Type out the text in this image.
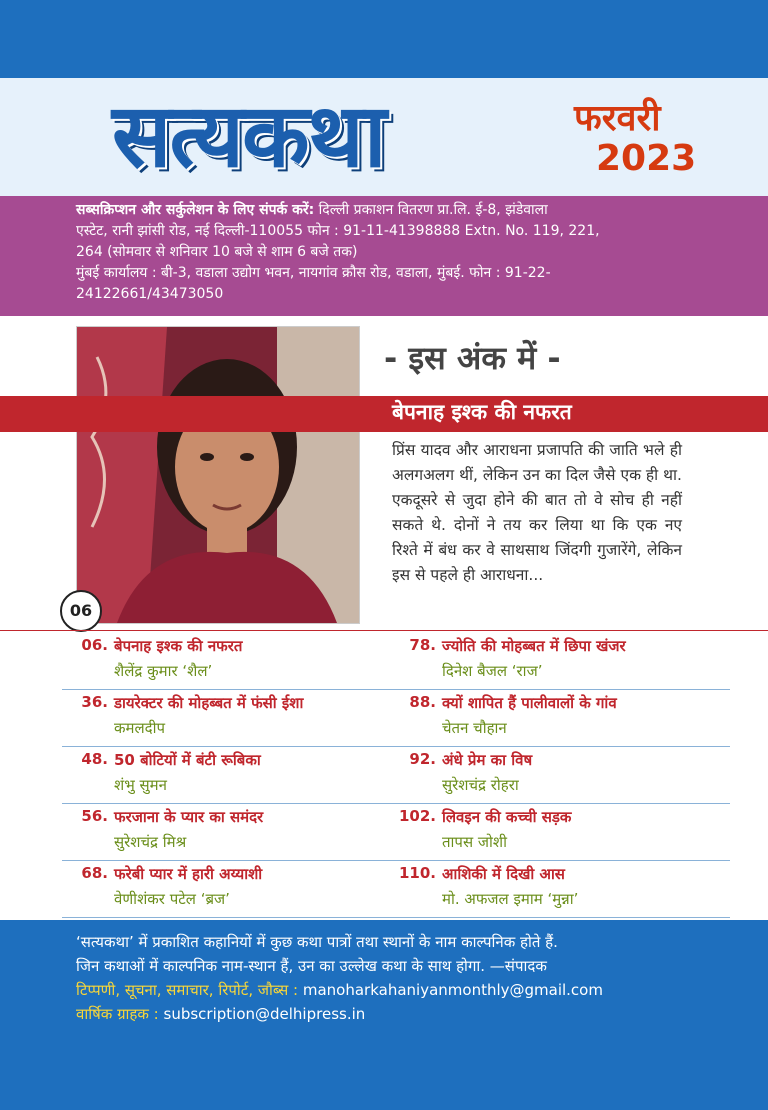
सत्यकथा	फरवरी
2023
सब्सक्रिप्शन और सर्कुलेशन के लिए संपर्क करें: दिल्ली प्रकाशन वितरण प्रा.लि. ई-8, झंडेवाला
एस्टेट, रानी झांसी रोड, नई दिल्ली-110055 फोन : 91-11-41398888 Extn. No. 119, 221,
264 (सोमवार से शनिवार 10 बजे से शाम 6 बजे तक)
मुंबई कार्यालय : बी-3, वडाला उद्योग भवन, नायगांव क्रौस रोड, वडाला, मुंबई. फोन : 91-22-
24122661/43473050
06
- इस अंक में -
बेपनाह इश्क की नफरत
प्रिंस यादव और आराधना प्रजापति की जाति भले ही अलगअलग थीं, लेकिन उन का दिल जैसे एक ही था. एकदूसरे से जुदा होने की बात तो वे सोच ही नहीं सकते थे. दोनों ने तय कर लिया था कि एक नए रिश्ते में बंध कर वे साथसाथ जिंदगी गुजारेंगे, लेकिन इस से पहले ही आराधना...
06. बेपनाह इश्क की नफरत
शैलेंद्र कुमार ‘शैल’
36. डायरेक्टर की मोहब्बत में फंसी ईशा
कमलदीप
48. 50 बोटियों में बंटी रूबिका
शंभु सुमन
56. फरजाना के प्यार का समंदर
सुरेशचंद्र मिश्र
68. फरेबी प्यार में हारी अय्याशी
वेणीशंकर पटेल ‘ब्रज’
78. ज्योति की मोहब्बत में छिपा खंजर
दिनेश बैजल ‘राज’
88. क्यों शापित हैं पालीवालों के गांव
चेतन चौहान
92. अंधे प्रेम का विष
सुरेशचंद्र रोहरा
102. लिवइन की कच्ची सड़क
तापस जोशी
110. आशिकी में दिखी आस
मो. अफजल इमाम ‘मुन्ना’
‘सत्यकथा’ में प्रकाशित कहानियों में कुछ कथा पात्रों तथा स्थानों के नाम काल्पनिक होते हैं.
जिन कथाओं में काल्पनिक नाम-स्थान हैं, उन का उल्लेख कथा के साथ होगा. —संपादक
टिप्पणी, सूचना, समाचार, रिपोर्ट, जौब्स : manoharkahaniyanmonthly@gmail.com
वार्षिक ग्राहक : subscription@delhipress.in
